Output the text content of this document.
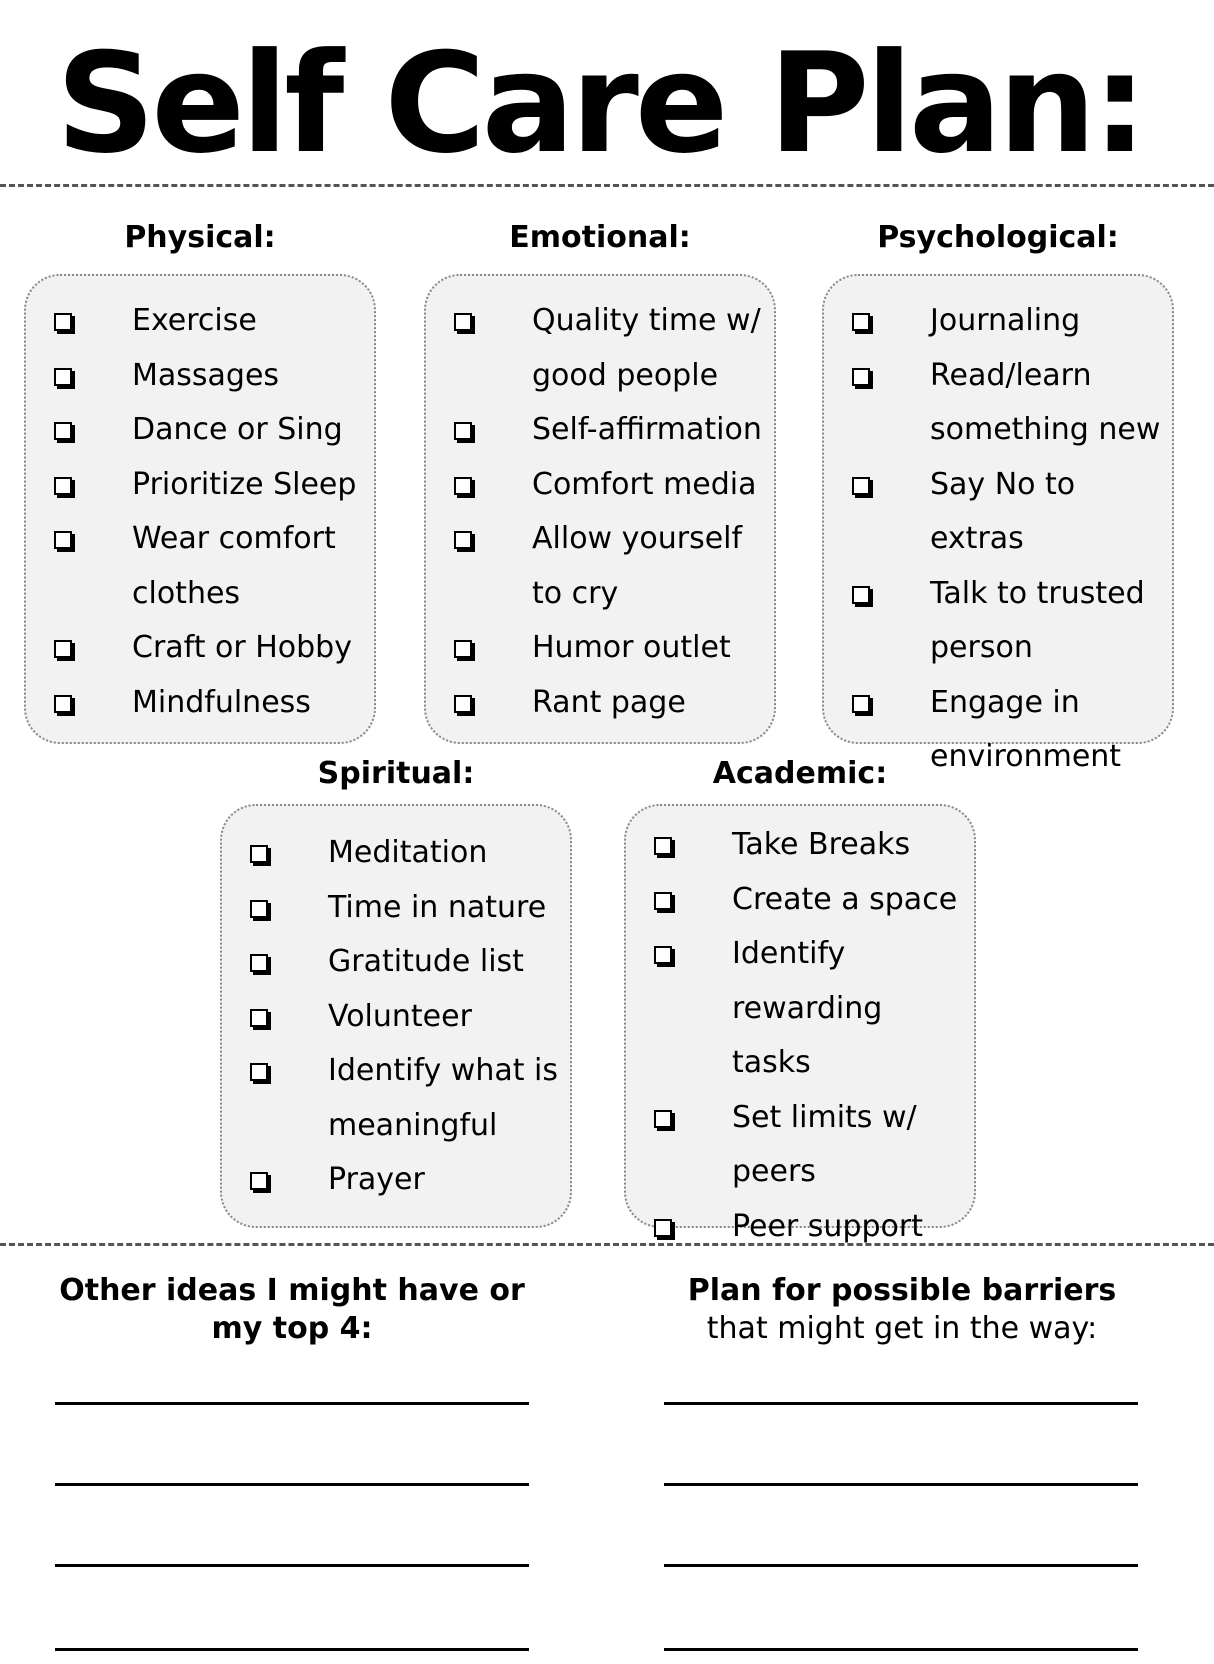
Self Care Plan:
Physical:	Emotional:	Psychological:
Exercise
Massages
Dance or Sing
Prioritize Sleep
Wear comfort
clothes
Craft or Hobby
Mindfulness
Quality time w/
good people
Self-affirmation
Comfort media
Allow yourself
to cry
Humor outlet
Rant page
Journaling
Read/learn
something new
Say No to extras
Talk to trusted
person
Engage in
environment
Spiritual:	Academic:
Meditation
Time in nature
Gratitude list
Volunteer
Identify what is
meaningful
Prayer
Take Breaks
Create a space
Identify
rewarding tasks
Set limits w/
peers
Peer support
Other ideas I might have or my top 4:
Plan for possible barriers that might get in the way:
